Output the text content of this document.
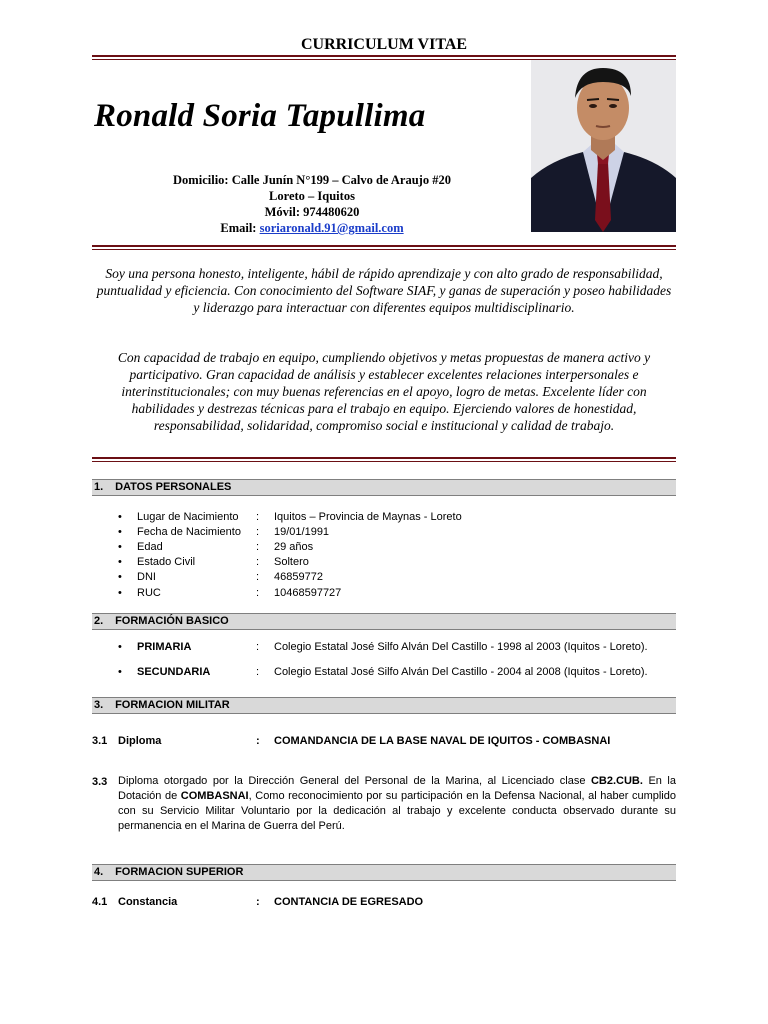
CURRICULUM VITAE
Ronald Soria Tapullima
Domicilio: Calle Junín N°199 – Calvo de Araujo #20
Loreto – Iquitos
Móvil: 974480620
Email: soriaronald.91@gmail.com
Soy una persona honesto, inteligente, hábil de rápido aprendizaje y con alto grado de responsabilidad, puntualidad y eficiencia. Con conocimiento del Software SIAF, y ganas de superación y poseo habilidades y liderazgo para interactuar con diferentes equipos multidisciplinario.
Con capacidad de trabajo en equipo, cumpliendo objetivos y metas propuestas de manera activo y participativo. Gran capacidad de análisis y establecer excelentes relaciones interpersonales e interinstitucionales; con muy buenas referencias en el apoyo, logro de metas. Excelente líder con habilidades y destrezas técnicas para el trabajo en equipo. Ejerciendo valores de honestidad, responsabilidad, solidaridad, compromiso social e institucional y calidad de trabajo.
1. DATOS PERSONALES
• Lugar de Nacimiento : Iquitos – Provincia de Maynas - Loreto
• Fecha de Nacimiento : 19/01/1991
• Edad	: 29 años
• Estado Civil	: Soltero
• DNI	: 46859772
• RUC	: 10468597727
2. FORMACIÓN BASICO
• PRIMARIA	: Colegio Estatal José Silfo Alván Del Castillo - 1998 al 2003 (Iquitos - Loreto).
• SECUNDARIA	: Colegio Estatal José Silfo Alván Del Castillo - 2004 al 2008 (Iquitos - Loreto).
3. FORMACION MILITAR
3.1 Diploma	: COMANDANCIA DE LA BASE NAVAL DE IQUITOS - COMBASNAI
3.3 Diploma otorgado por la Dirección General del Personal de la Marina, al Licenciado clase CB2.CUB. En la Dotación de COMBASNAI, Como reconocimiento por su participación en la Defensa Nacional, al haber cumplido con su Servicio Militar Voluntario por la dedicación al trabajo y excelente conducta observado durante su permanencia en el Marina de Guerra del Perú.
4. FORMACION SUPERIOR
4.1 Constancia	: CONTANCIA DE EGRESADO
